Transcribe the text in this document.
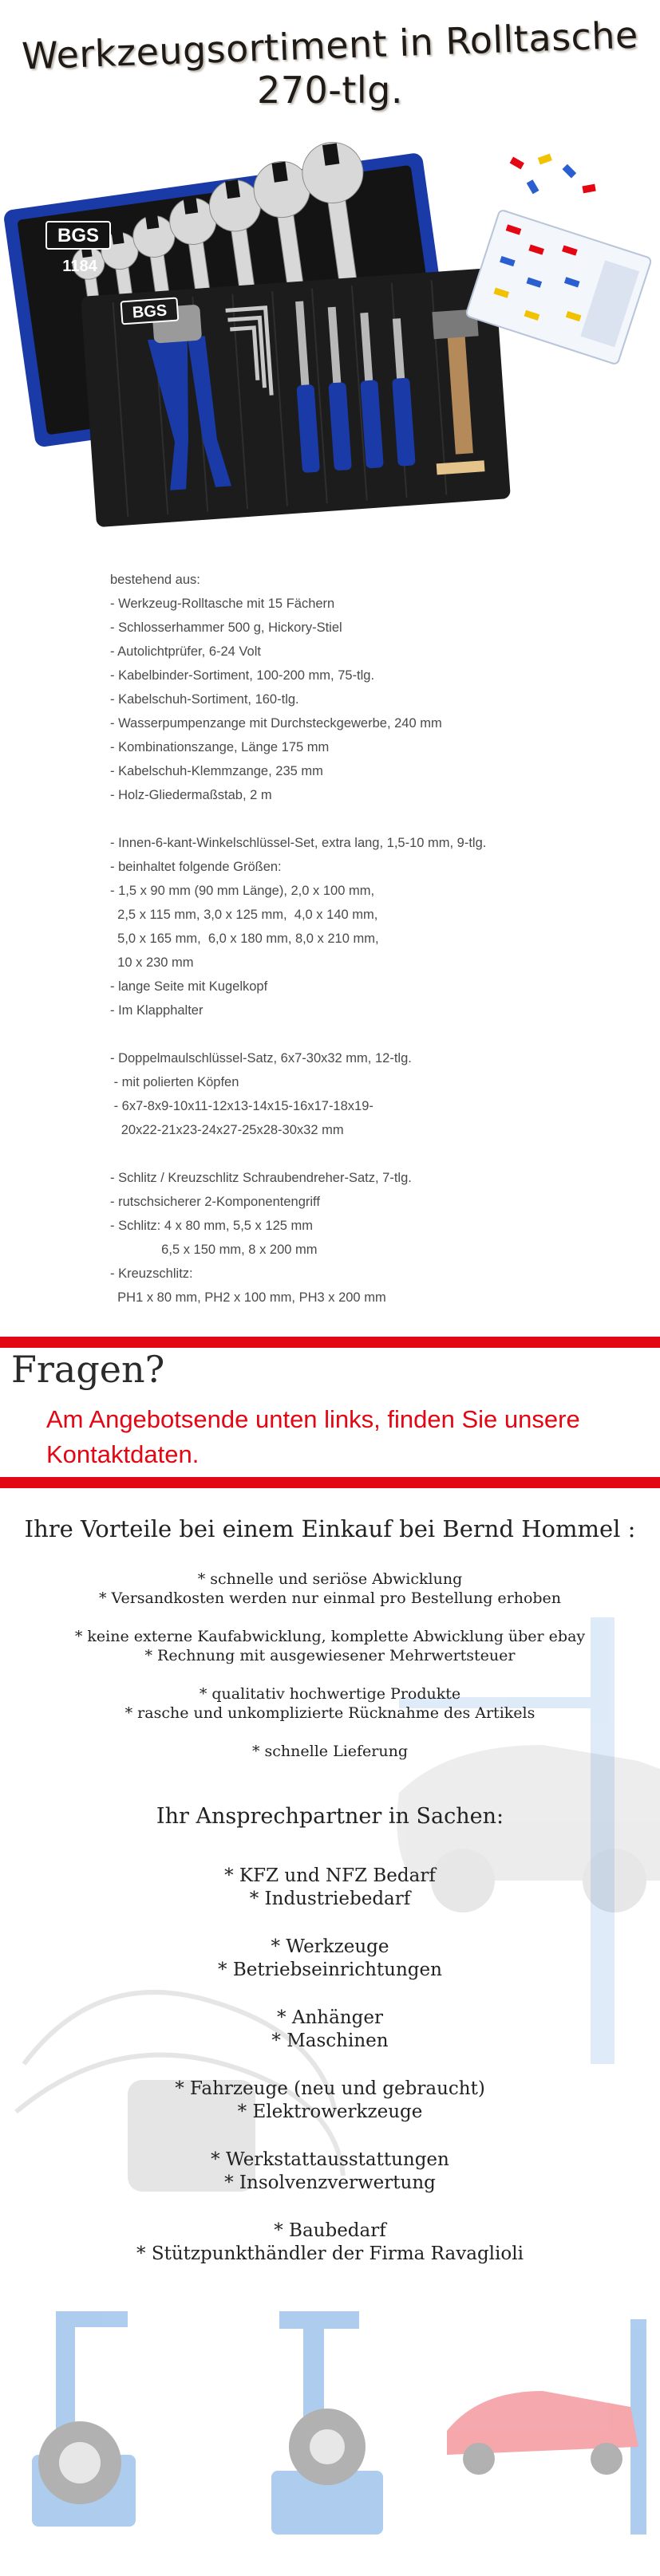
Werkzeugsortiment in Rolltasche
270-tlg.
BGS
1184
BGS
bestehend aus:
- Werkzeug-Rolltasche mit 15 Fächern
- Schlosserhammer 500 g, Hickory-Stiel
- Autolichtprüfer, 6-24 Volt
- Kabelbinder-Sortiment, 100-200 mm, 75-tlg.
- Kabelschuh-Sortiment, 160-tlg.
- Wasserpumpenzange mit Durchsteckgewerbe, 240 mm
- Kombinationszange, Länge 175 mm
- Kabelschuh-Klemmzange, 235 mm
- Holz-Gliedermaßstab, 2 m
- Innen-6-kant-Winkelschlüssel-Set, extra lang, 1,5-10 mm, 9-tlg.
- beinhaltet folgende Größen:
- 1,5 x 90 mm (90 mm Länge), 2,0 x 100 mm,
2,5 x 115 mm, 3,0 x 125 mm,  4,0 x 140 mm,
5,0 x 165 mm,  6,0 x 180 mm, 8,0 x 210 mm,
10 x 230 mm
- lange Seite mit Kugelkopf
- Im Klapphalter
- Doppelmaulschlüssel-Satz, 6x7-30x32 mm, 12-tlg.
- mit polierten Köpfen
- 6x7-8x9-10x11-12x13-14x15-16x17-18x19-
20x22-21x23-24x27-25x28-30x32 mm
- Schlitz / Kreuzschlitz Schraubendreher-Satz, 7-tlg.
- rutschsicherer 2-Komponentengriff
- Schlitz: 4 x 80 mm, 5,5 x 125 mm
6,5 x 150 mm, 8 x 200 mm
- Kreuzschlitz:
PH1 x 80 mm, PH2 x 100 mm, PH3 x 200 mm
Fragen?
Am Angebotsende unten links, finden Sie unsere Kontaktdaten.
Ihre Vorteile bei einem Einkauf bei Bernd Hommel :
* schnelle und seriöse Abwicklung
* Versandkosten werden nur einmal pro Bestellung erhoben
* keine externe Kaufabwicklung, komplette Abwicklung über ebay
* Rechnung mit ausgewiesener Mehrwertsteuer
* qualitativ hochwertige Produkte
* rasche und unkomplizierte Rücknahme des Artikels
* schnelle Lieferung
Ihr Ansprechpartner in Sachen:
* KFZ und NFZ Bedarf
* Industriebedarf
* Werkzeuge
* Betriebseinrichtungen
* Anhänger
* Maschinen
* Fahrzeuge (neu und gebraucht)
* Elektrowerkzeuge
* Werkstattausstattungen
* Insolvenzverwertung
* Baubedarf
* Stützpunkthändler der Firma Ravaglioli
